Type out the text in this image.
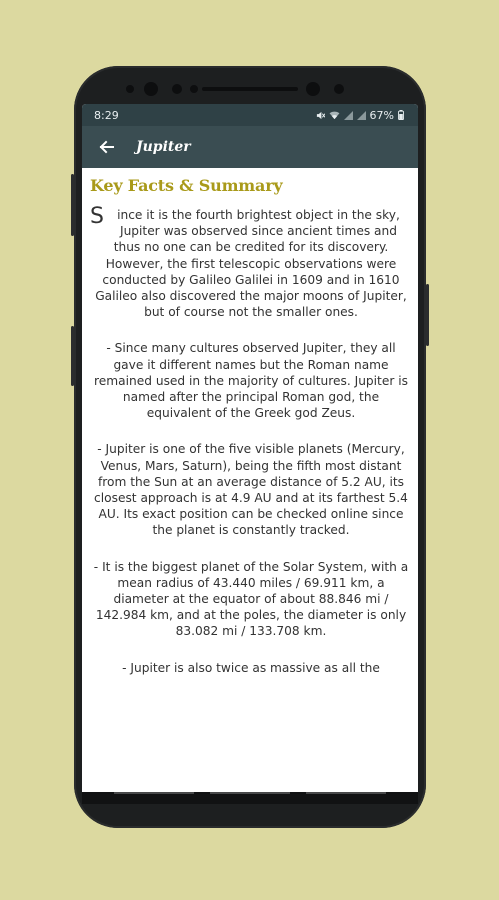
8:29	67%
Jupiter
Key Facts & Summary

Since it is the fourth brightest object in the sky, Jupiter was observed since ancient times and thus no one can be credited for its discovery. However, the first telescopic observations were conducted by Galileo Galilei in 1609 and in 1610 Galileo also discovered the major moons of Jupiter, but of course not the smaller ones.

- Since many cultures observed Jupiter, they all gave it different names but the Roman name remained used in the majority of cultures. Jupiter is named after the principal Roman god, the equivalent of the Greek god Zeus.

- Jupiter is one of the five visible planets (Mercury, Venus, Mars, Saturn), being the fifth most distant from the Sun at an average distance of 5.2 AU, its closest approach is at 4.9 AU and at its farthest 5.4 AU. Its exact position can be checked online since the planet is constantly tracked.

- It is the biggest planet of the Solar System, with a mean radius of 43.440 miles / 69.911 km, a diameter at the equator of about 88.846 mi / 142.984 km, and at the poles, the diameter is only 83.082 mi / 133.708 km.

- Jupiter is also twice as massive as all the
